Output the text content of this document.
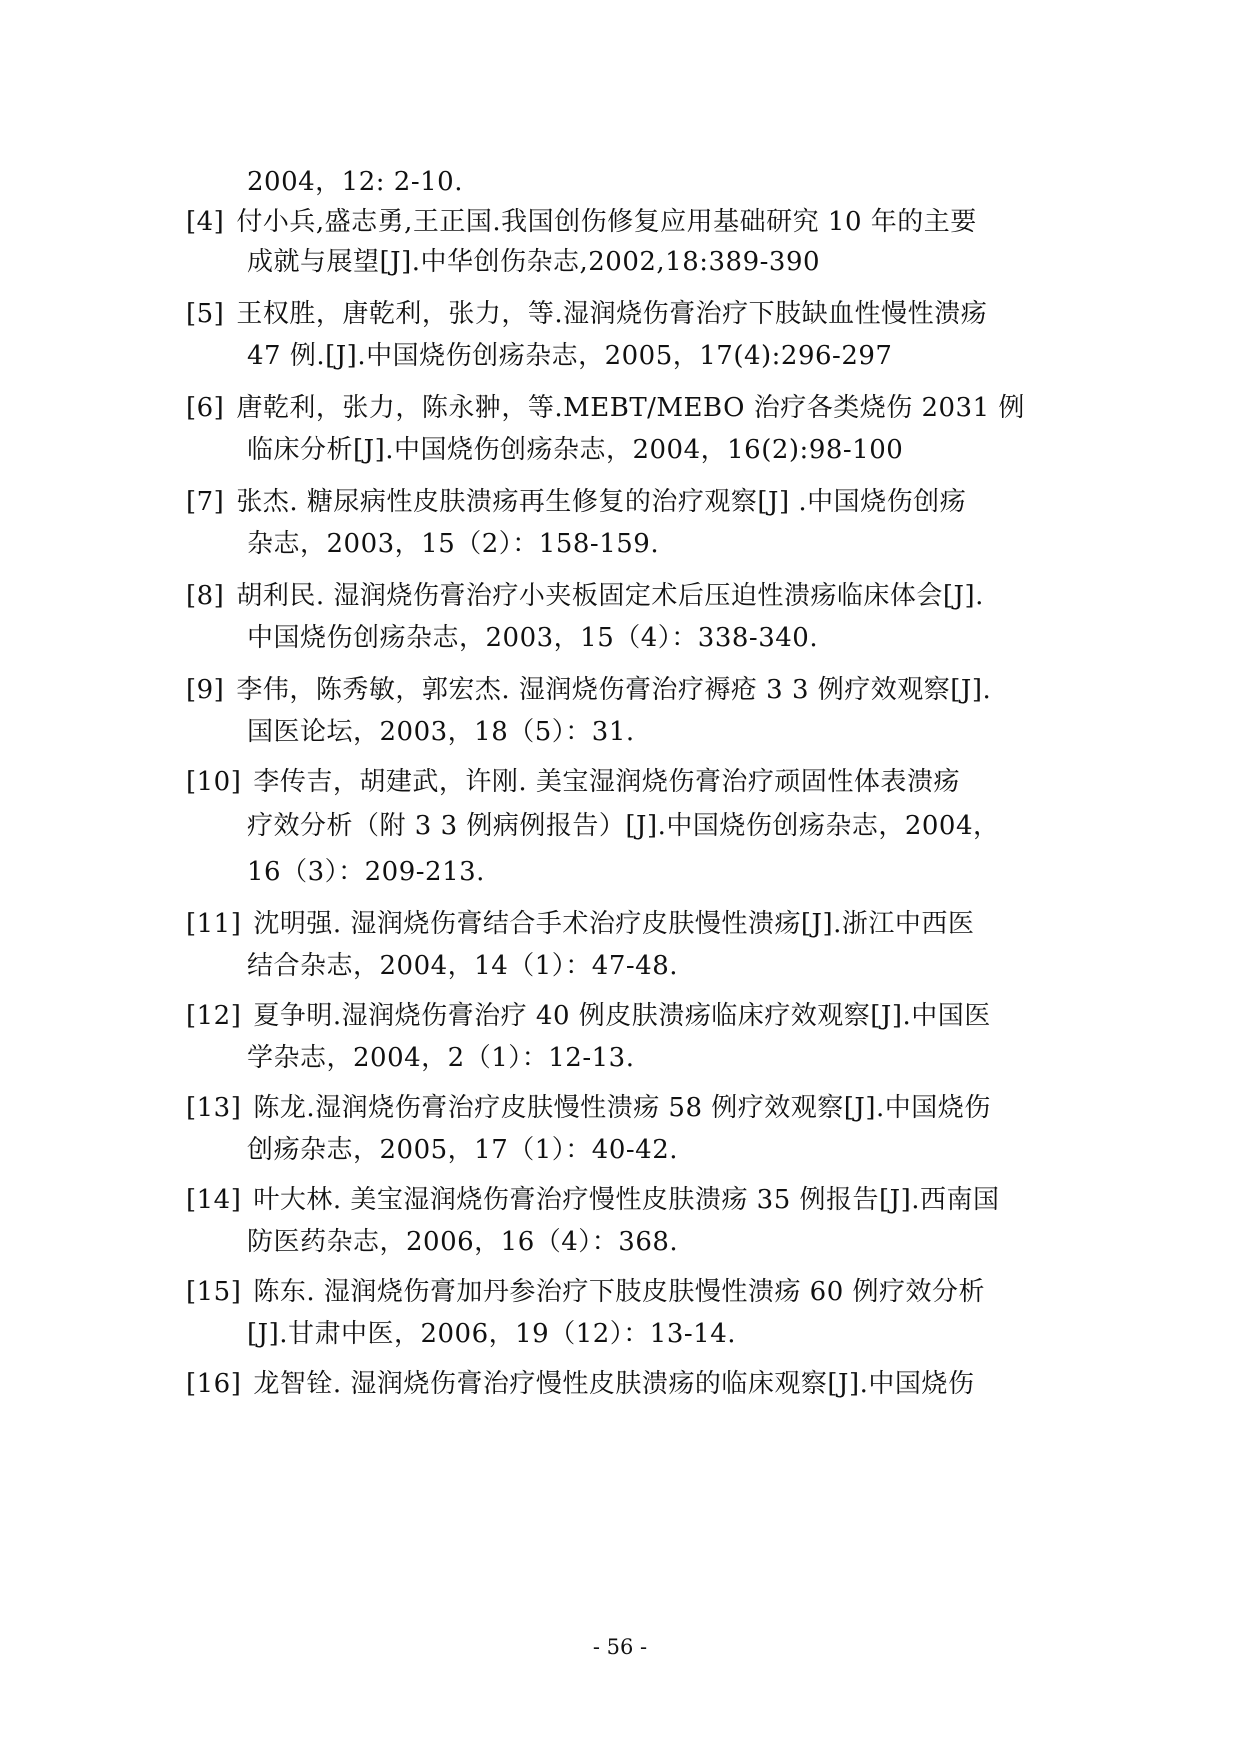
2004，12: 2-10.
[4] 付小兵,盛志勇,王正国.我国创伤修复应用基础研究 10 年的主要
成就与展望[J].中华创伤杂志,2002,18:389-390
[5] 王权胜，唐乾利，张力，等.湿润烧伤膏治疗下肢缺血性慢性溃疡
47 例.[J].中国烧伤创疡杂志，2005，17(4):296-297
[6] 唐乾利，张力，陈永翀，等.MEBT/MEBO 治疗各类烧伤 2031 例
临床分析[J].中国烧伤创疡杂志，2004，16(2):98-100
[7] 张杰. 糖尿病性皮肤溃疡再生修复的治疗观察[J] .中国烧伤创疡
杂志，2003，15（2）：158-159.
[8] 胡利民. 湿润烧伤膏治疗小夹板固定术后压迫性溃疡临床体会[J].
中国烧伤创疡杂志，2003，15（4）：338-340.
[9] 李伟，陈秀敏，郭宏杰. 湿润烧伤膏治疗褥疮 3 3 例疗效观察[J].
国医论坛，2003，18（5）：31.
[10] 李传吉，胡建武，许刚. 美宝湿润烧伤膏治疗顽固性体表溃疡
疗效分析（附 3 3 例病例报告）[J].中国烧伤创疡杂志，2004，
16（3）：209-213.
[11] 沈明强. 湿润烧伤膏结合手术治疗皮肤慢性溃疡[J].浙江中西医
结合杂志，2004，14（1）：47-48.
[12] 夏争明.湿润烧伤膏治疗 40 例皮肤溃疡临床疗效观察[J].中国医
学杂志，2004，2（1）：12-13.
[13] 陈龙.湿润烧伤膏治疗皮肤慢性溃疡 58 例疗效观察[J].中国烧伤
创疡杂志，2005，17（1）：40-42.
[14] 叶大林. 美宝湿润烧伤膏治疗慢性皮肤溃疡 35 例报告[J].西南国
防医药杂志，2006，16（4）：368.
[15] 陈东. 湿润烧伤膏加丹参治疗下肢皮肤慢性溃疡 60 例疗效分析
[J].甘肃中医，2006，19（12）：13-14.
[16] 龙智铨. 湿润烧伤膏治疗慢性皮肤溃疡的临床观察[J].中国烧伤
- 56 -
